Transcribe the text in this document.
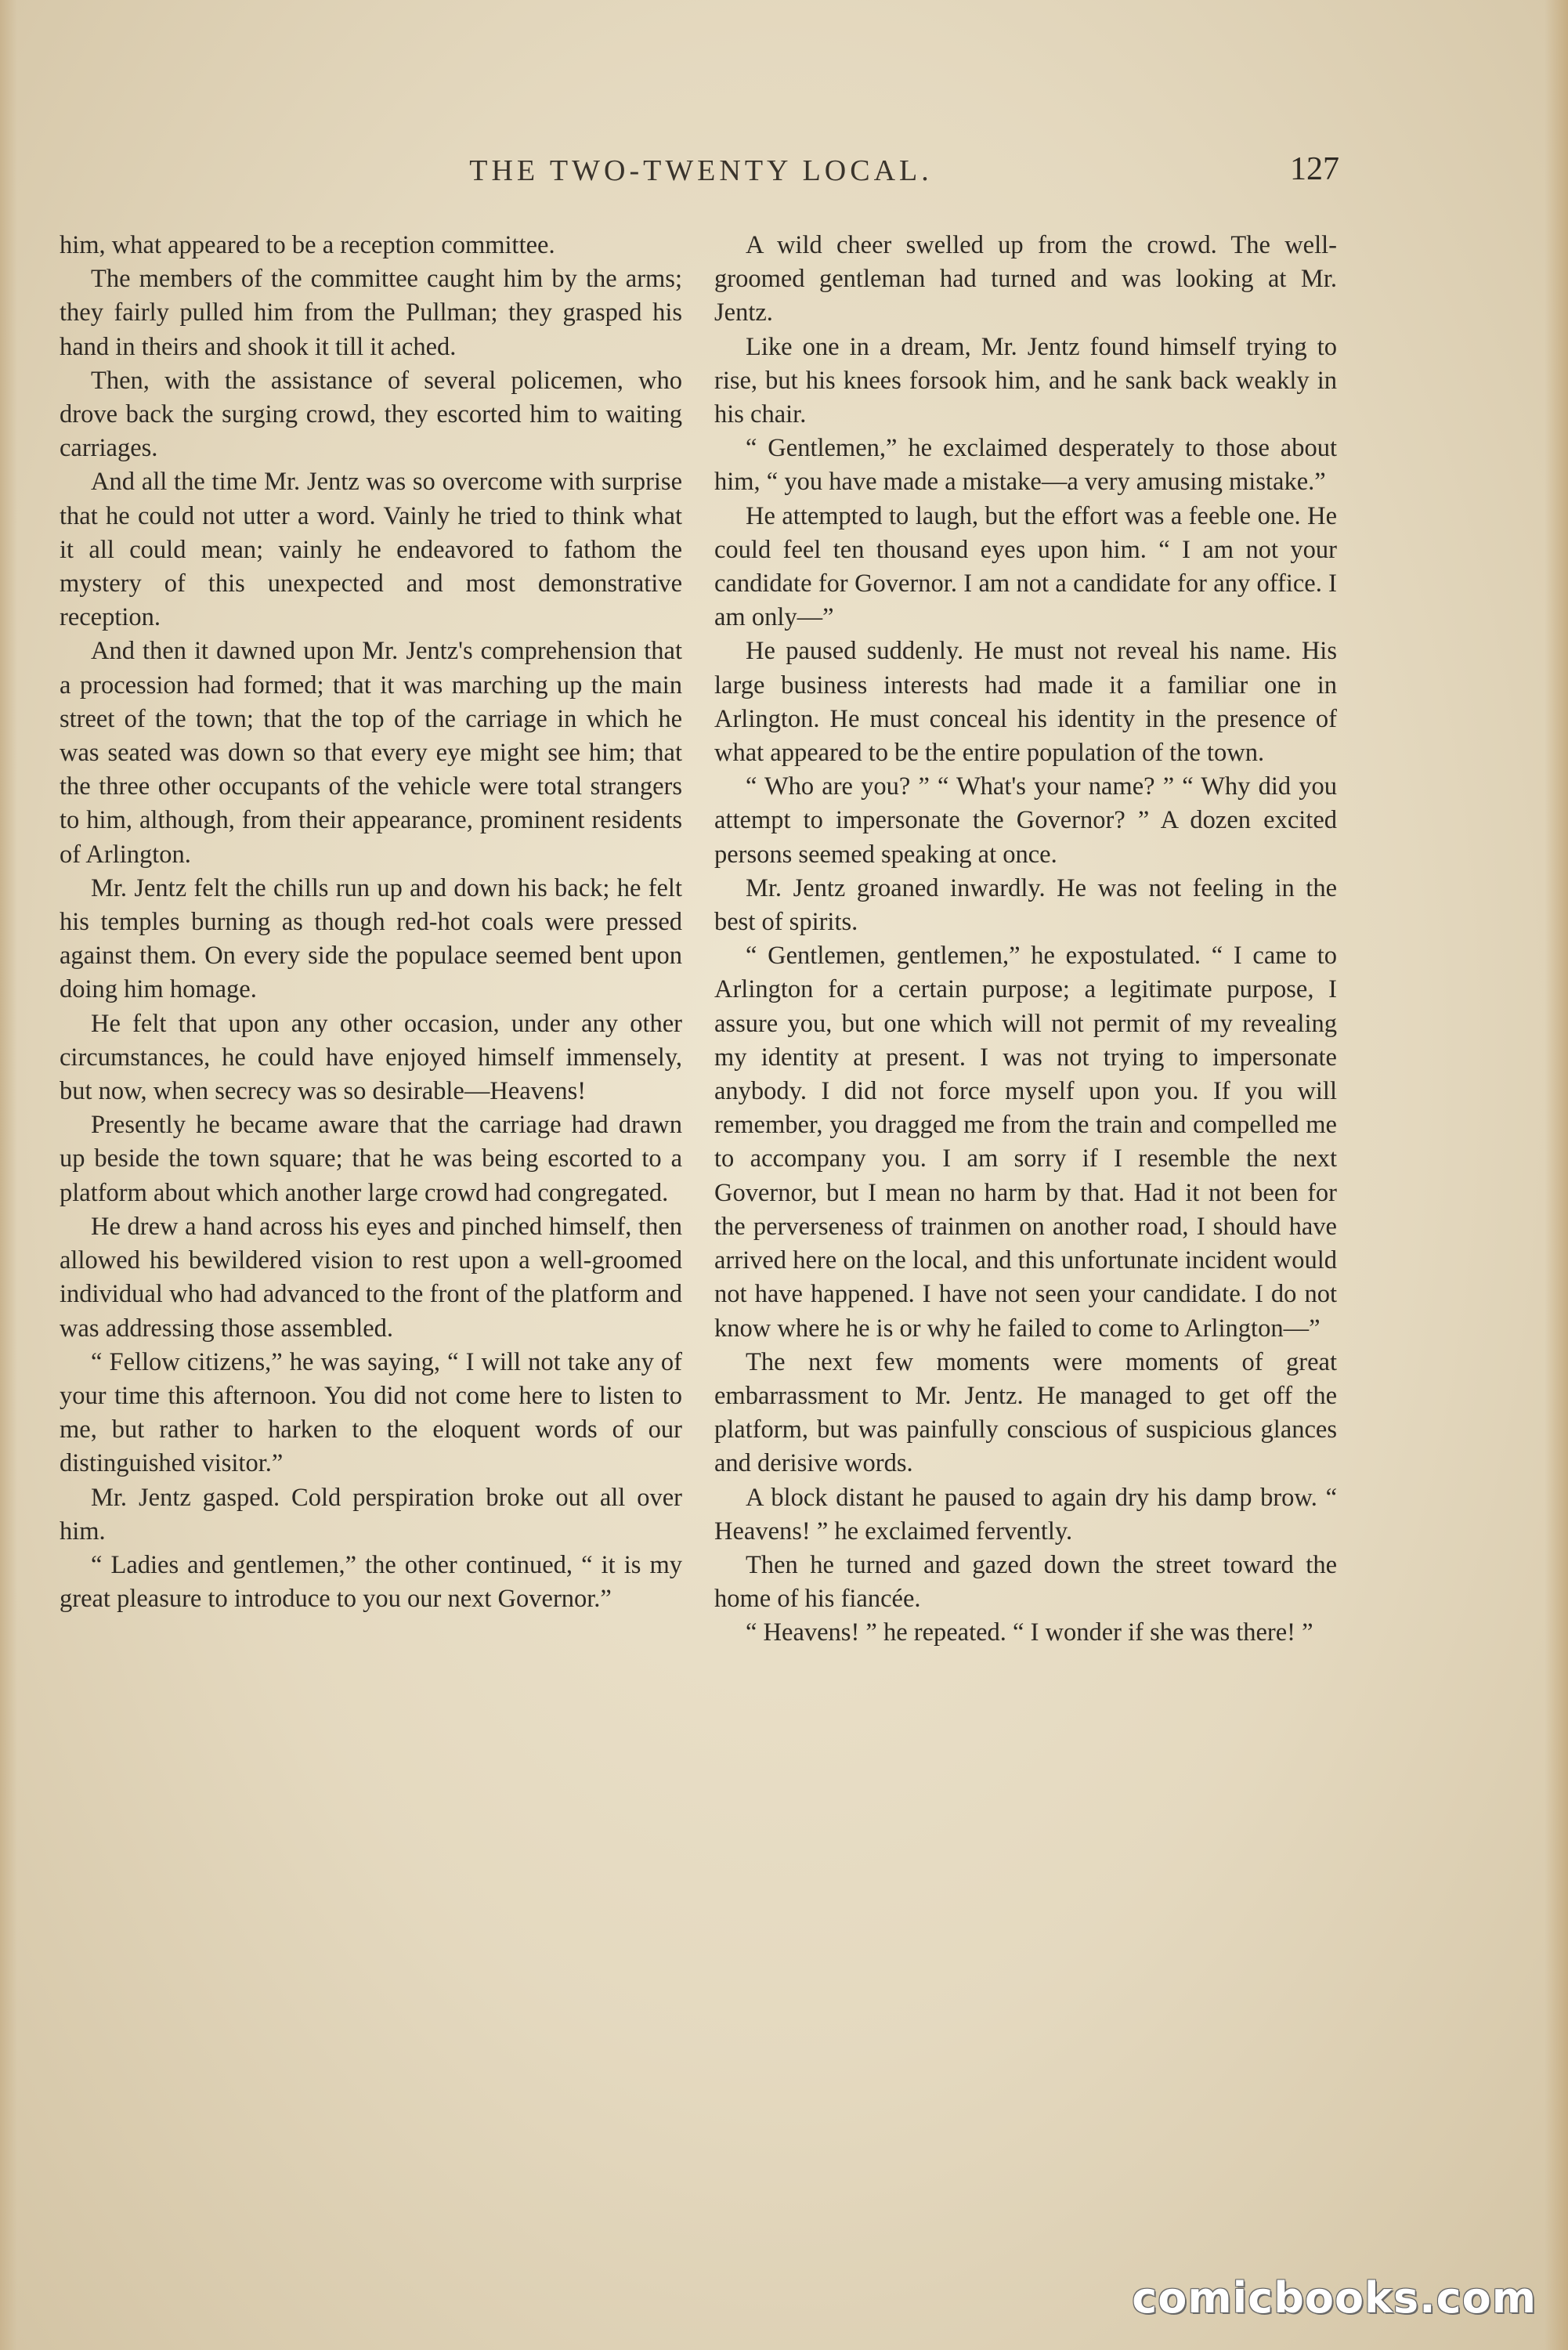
THE TWO-TWENTY LOCAL.	127

him, what appeared to be a reception committee.

The members of the committee caught him by the arms; they fairly pulled him from the Pullman; they grasped his hand in theirs and shook it till it ached.

Then, with the assistance of several policemen, who drove back the surging crowd, they escorted him to waiting carriages.

And all the time Mr. Jentz was so overcome with surprise that he could not utter a word. Vainly he tried to think what it all could mean; vainly he endeavored to fathom the mystery of this unexpected and most demonstrative reception.

And then it dawned upon Mr. Jentz's comprehension that a procession had formed; that it was marching up the main street of the town; that the top of the carriage in which he was seated was down so that every eye might see him; that the three other occupants of the vehicle were total strangers to him, although, from their appearance, prominent residents of Arlington.

Mr. Jentz felt the chills run up and down his back; he felt his temples burning as though red-hot coals were pressed against them. On every side the populace seemed bent upon doing him homage.

He felt that upon any other occasion, under any other circumstances, he could have enjoyed himself immensely, but now, when secrecy was so desirable—Heavens!

Presently he became aware that the carriage had drawn up beside the town square; that he was being escorted to a platform about which another large crowd had congregated.

He drew a hand across his eyes and pinched himself, then allowed his bewildered vision to rest upon a well-groomed individual who had advanced to the front of the platform and was addressing those assembled.

“ Fellow citizens,” he was saying, “ I will not take any of your time this afternoon. You did not come here to listen to me, but rather to harken to the eloquent words of our distinguished visitor.”

Mr. Jentz gasped. Cold perspiration broke out all over him.

“ Ladies and gentlemen,” the other continued, “ it is my great pleasure to introduce to you our next Governor.”

A wild cheer swelled up from the crowd. The well-groomed gentleman had turned and was looking at Mr. Jentz.

Like one in a dream, Mr. Jentz found himself trying to rise, but his knees forsook him, and he sank back weakly in his chair.

“ Gentlemen,” he exclaimed desperately to those about him, “ you have made a mistake—a very amusing mistake.”

He attempted to laugh, but the effort was a feeble one. He could feel ten thousand eyes upon him. “ I am not your candidate for Governor. I am not a candidate for any office. I am only—”

He paused suddenly. He must not reveal his name. His large business interests had made it a familiar one in Arlington. He must conceal his identity in the presence of what appeared to be the entire population of the town.

“ Who are you? ” “ What's your name? ” “ Why did you attempt to impersonate the Governor? ” A dozen excited persons seemed speaking at once.

Mr. Jentz groaned inwardly. He was not feeling in the best of spirits.

“ Gentlemen, gentlemen,” he expostulated. “ I came to Arlington for a certain purpose; a legitimate purpose, I assure you, but one which will not permit of my revealing my identity at present. I was not trying to impersonate anybody. I did not force myself upon you. If you will remember, you dragged me from the train and compelled me to accompany you. I am sorry if I resemble the next Governor, but I mean no harm by that. Had it not been for the perverseness of trainmen on another road, I should have arrived here on the local, and this unfortunate incident would not have happened. I have not seen your candidate. I do not know where he is or why he failed to come to Arlington—”

The next few moments were moments of great embarrassment to Mr. Jentz. He managed to get off the platform, but was painfully conscious of suspicious glances and derisive words.

A block distant he paused to again dry his damp brow. “ Heavens! ” he exclaimed fervently.

Then he turned and gazed down the street toward the home of his fiancée.

“ Heavens! ” he repeated. “ I wonder if she was there! ”

comicbooks.com
